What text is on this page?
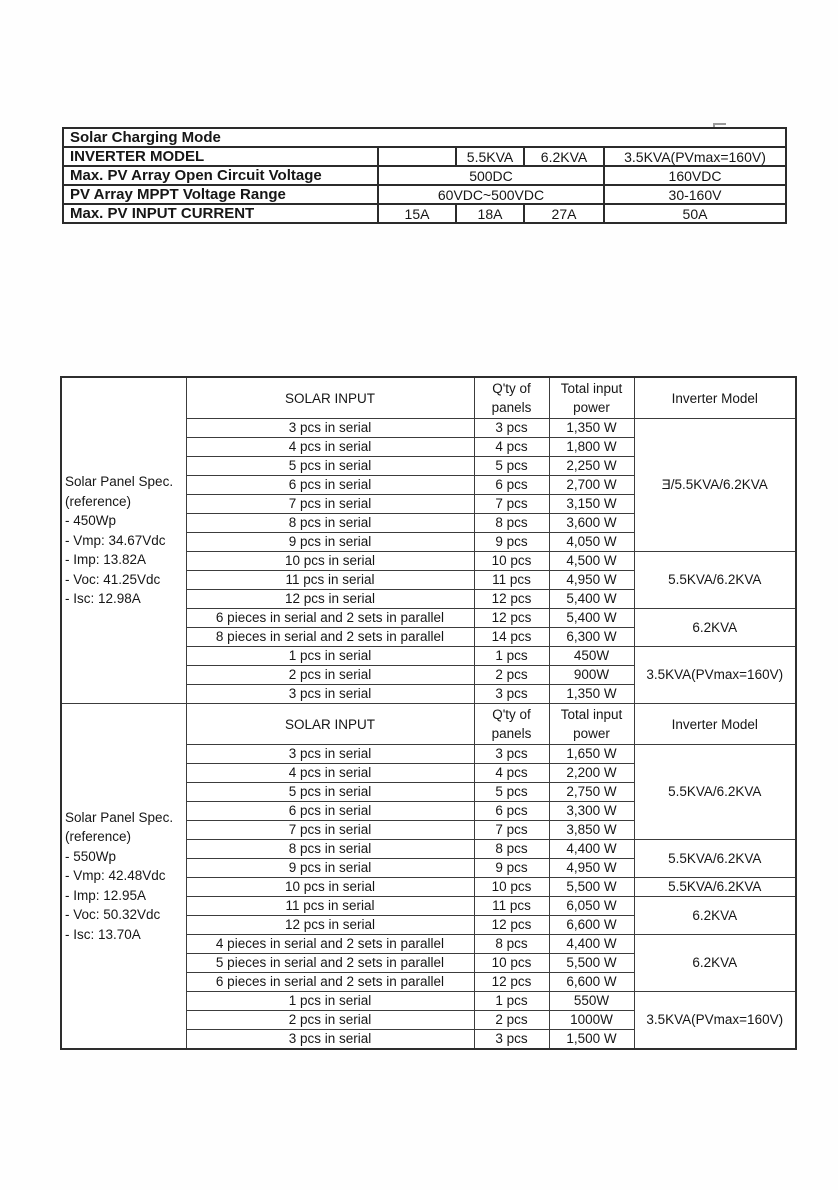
Solar Charging Mode				
INVERTER MODEL		5.5KVA	6.2KVA	3.5KVA(PVmax=160V)
Max. PV Array Open Circuit Voltage	500DC			160VDC
PV Array MPPT Voltage Range	60VDC~500VDC			30-160V
Max. PV INPUT CURRENT	15A	18A	27A	50A
Solar Panel Spec.
(reference)
- 450Wp
- Vmp: 34.67Vdc
- Imp: 13.82A
- Voc: 41.25Vdc
- Isc: 12.98A
	SOLAR INPUT	Q'ty of panels	Total input power	Inverter Model
	3 pcs in serial	3 pcs	1,350 W	Ǝ/5.5KVA/6.2KVA
	4 pcs in serial	4 pcs	1,800 W	
	5 pcs in serial	5 pcs	2,250 W	
	6 pcs in serial	6 pcs	2,700 W	
	7 pcs in serial	7 pcs	3,150 W	
	8 pcs in serial	8 pcs	3,600 W	
	9 pcs in serial	9 pcs	4,050 W	
	10 pcs in serial	10 pcs	4,500 W	5.5KVA/6.2KVA
	11 pcs in serial	11 pcs	4,950 W	
	12 pcs in serial	12 pcs	5,400 W	
	6 pieces in serial and 2 sets in parallel	12 pcs	5,400 W	6.2KVA
	8 pieces in serial and 2 sets in parallel	14 pcs	6,300 W	
	1 pcs in serial	1 pcs	450W	3.5KVA(PVmax=160V)
	2 pcs in serial	2 pcs	900W	
	3 pcs in serial	3 pcs	1,350 W	

Solar Panel Spec.
(reference)
- 550Wp
- Vmp: 42.48Vdc
- Imp: 12.95A
- Voc: 50.32Vdc
- Isc: 13.70A
	SOLAR INPUT	Q'ty of panels	Total input power	Inverter Model
	3 pcs in serial	3 pcs	1,650 W	5.5KVA/6.2KVA
	4 pcs in serial	4 pcs	2,200 W	
	5 pcs in serial	5 pcs	2,750 W	
	6 pcs in serial	6 pcs	3,300 W	
	7 pcs in serial	7 pcs	3,850 W	
	8 pcs in serial	8 pcs	4,400 W	5.5KVA/6.2KVA
	9 pcs in serial	9 pcs	4,950 W	
	10 pcs in serial	10 pcs	5,500 W	5.5KVA/6.2KVA
	11 pcs in serial	11 pcs	6,050 W	6.2KVA
	12 pcs in serial	12 pcs	6,600 W	
	4 pieces in serial and 2 sets in parallel	8 pcs	4,400 W	6.2KVA
	5 pieces in serial and 2 sets in parallel	10 pcs	5,500 W	
	6 pieces in serial and 2 sets in parallel	12 pcs	6,600 W	
	1 pcs in serial	1 pcs	550W	3.5KVA(PVmax=160V)
	2 pcs in serial	2 pcs	1000W	
	3 pcs in serial	3 pcs	1,500 W	
